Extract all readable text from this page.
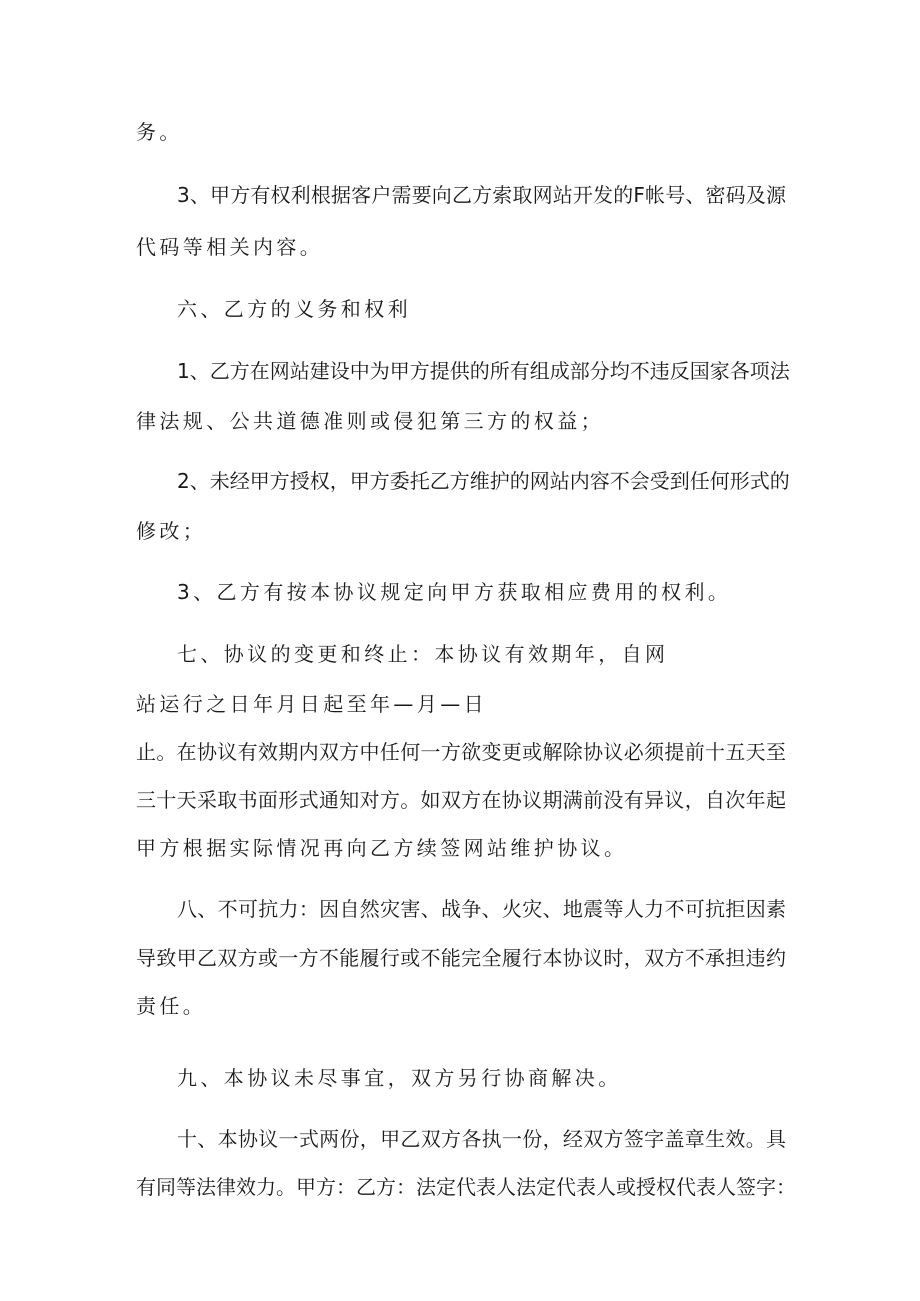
务。
3、甲方有权利根据客户需要向乙方索取网站开发的F帐号、密码及源
代码等相关内容。
六、乙方的义务和权利
1、乙方在网站建设中为甲方提供的所有组成部分均不违反国家各项法
律法规、公共道德准则或侵犯第三方的权益；
2、未经甲方授权，甲方委托乙方维护的网站内容不会受到任何形式的
修改；
3、乙方有按本协议规定向甲方获取相应费用的权利。
七、协议的变更和终止：本协议有效期年，自网
站运行之日年月日起至年—月—日
止。在协议有效期内双方中任何一方欲变更或解除协议必须提前十五天至
三十天采取书面形式通知对方。如双方在协议期满前没有异议，自次年起
甲方根据实际情况再向乙方续签网站维护协议。
八、不可抗力：因自然灾害、战争、火灾、地震等人力不可抗拒因素
导致甲乙双方或一方不能履行或不能完全履行本协议时，双方不承担违约
责任。
九、本协议未尽事宜，双方另行协商解决。
十、本协议一式两份，甲乙双方各执一份，经双方签字盖章生效。具
有同等法律效力。甲方：乙方：法定代表人法定代表人或授权代表人签字：
